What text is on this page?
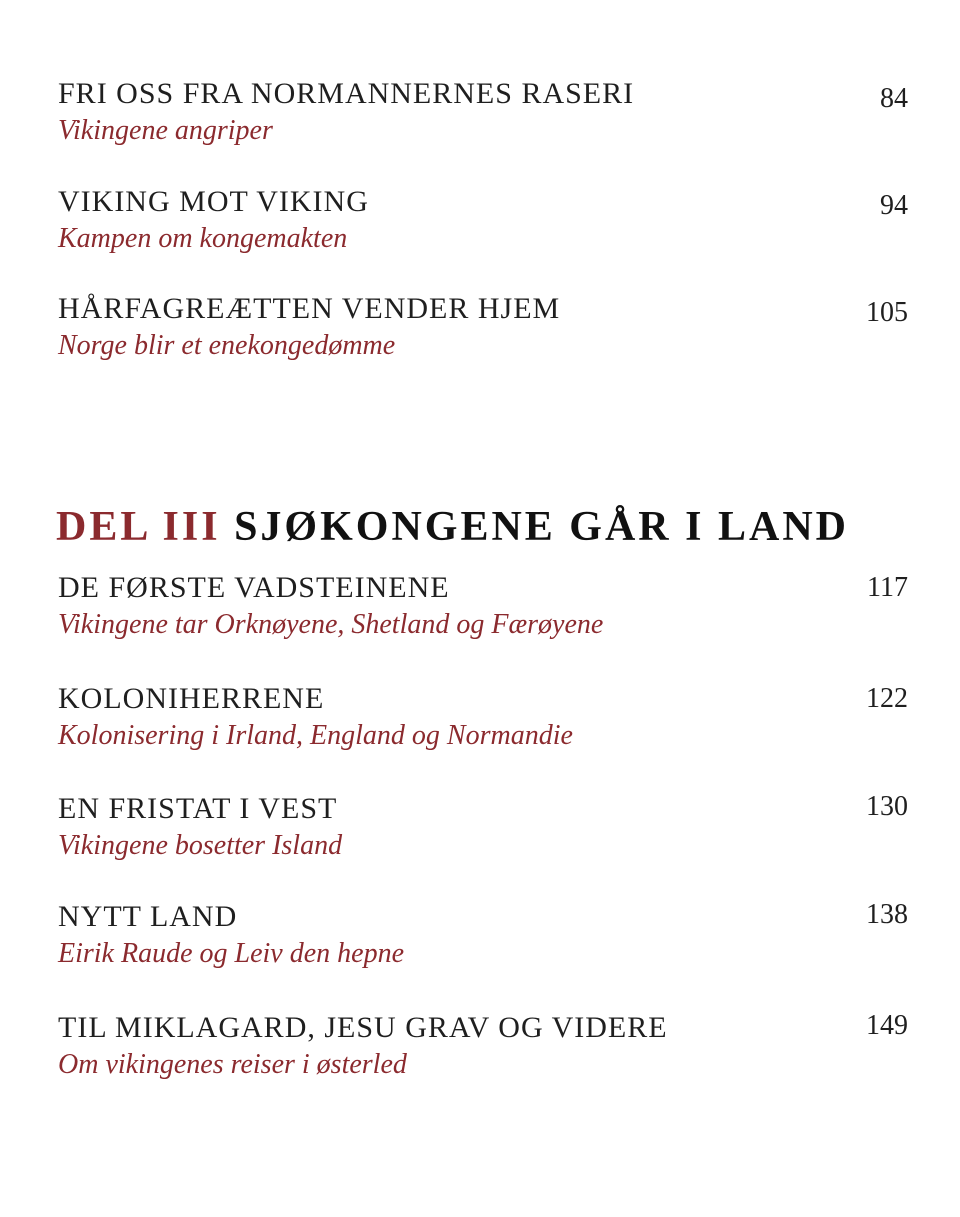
FRI OSS FRA NORMANNERNES RASERI
Vikingene angriper
84
VIKING MOT VIKING
Kampen om kongemakten
94
HÅRFAGREÆTTEN VENDER HJEM
Norge blir et enekongedømme
105
DEL III SJØKONGENE GÅR I LAND
DE FØRSTE VADSTEINENE
Vikingene tar Orknøyene, Shetland og Færøyene
117
KOLONIHERRENE
Kolonisering i Irland, England og Normandie
122
EN FRISTAT I VEST
Vikingene bosetter Island
130
NYTT LAND
Eirik Raude og Leiv den hepne
138
TIL MIKLAGARD, JESU GRAV OG VIDERE
Om vikingenes reiser i østerled
149
